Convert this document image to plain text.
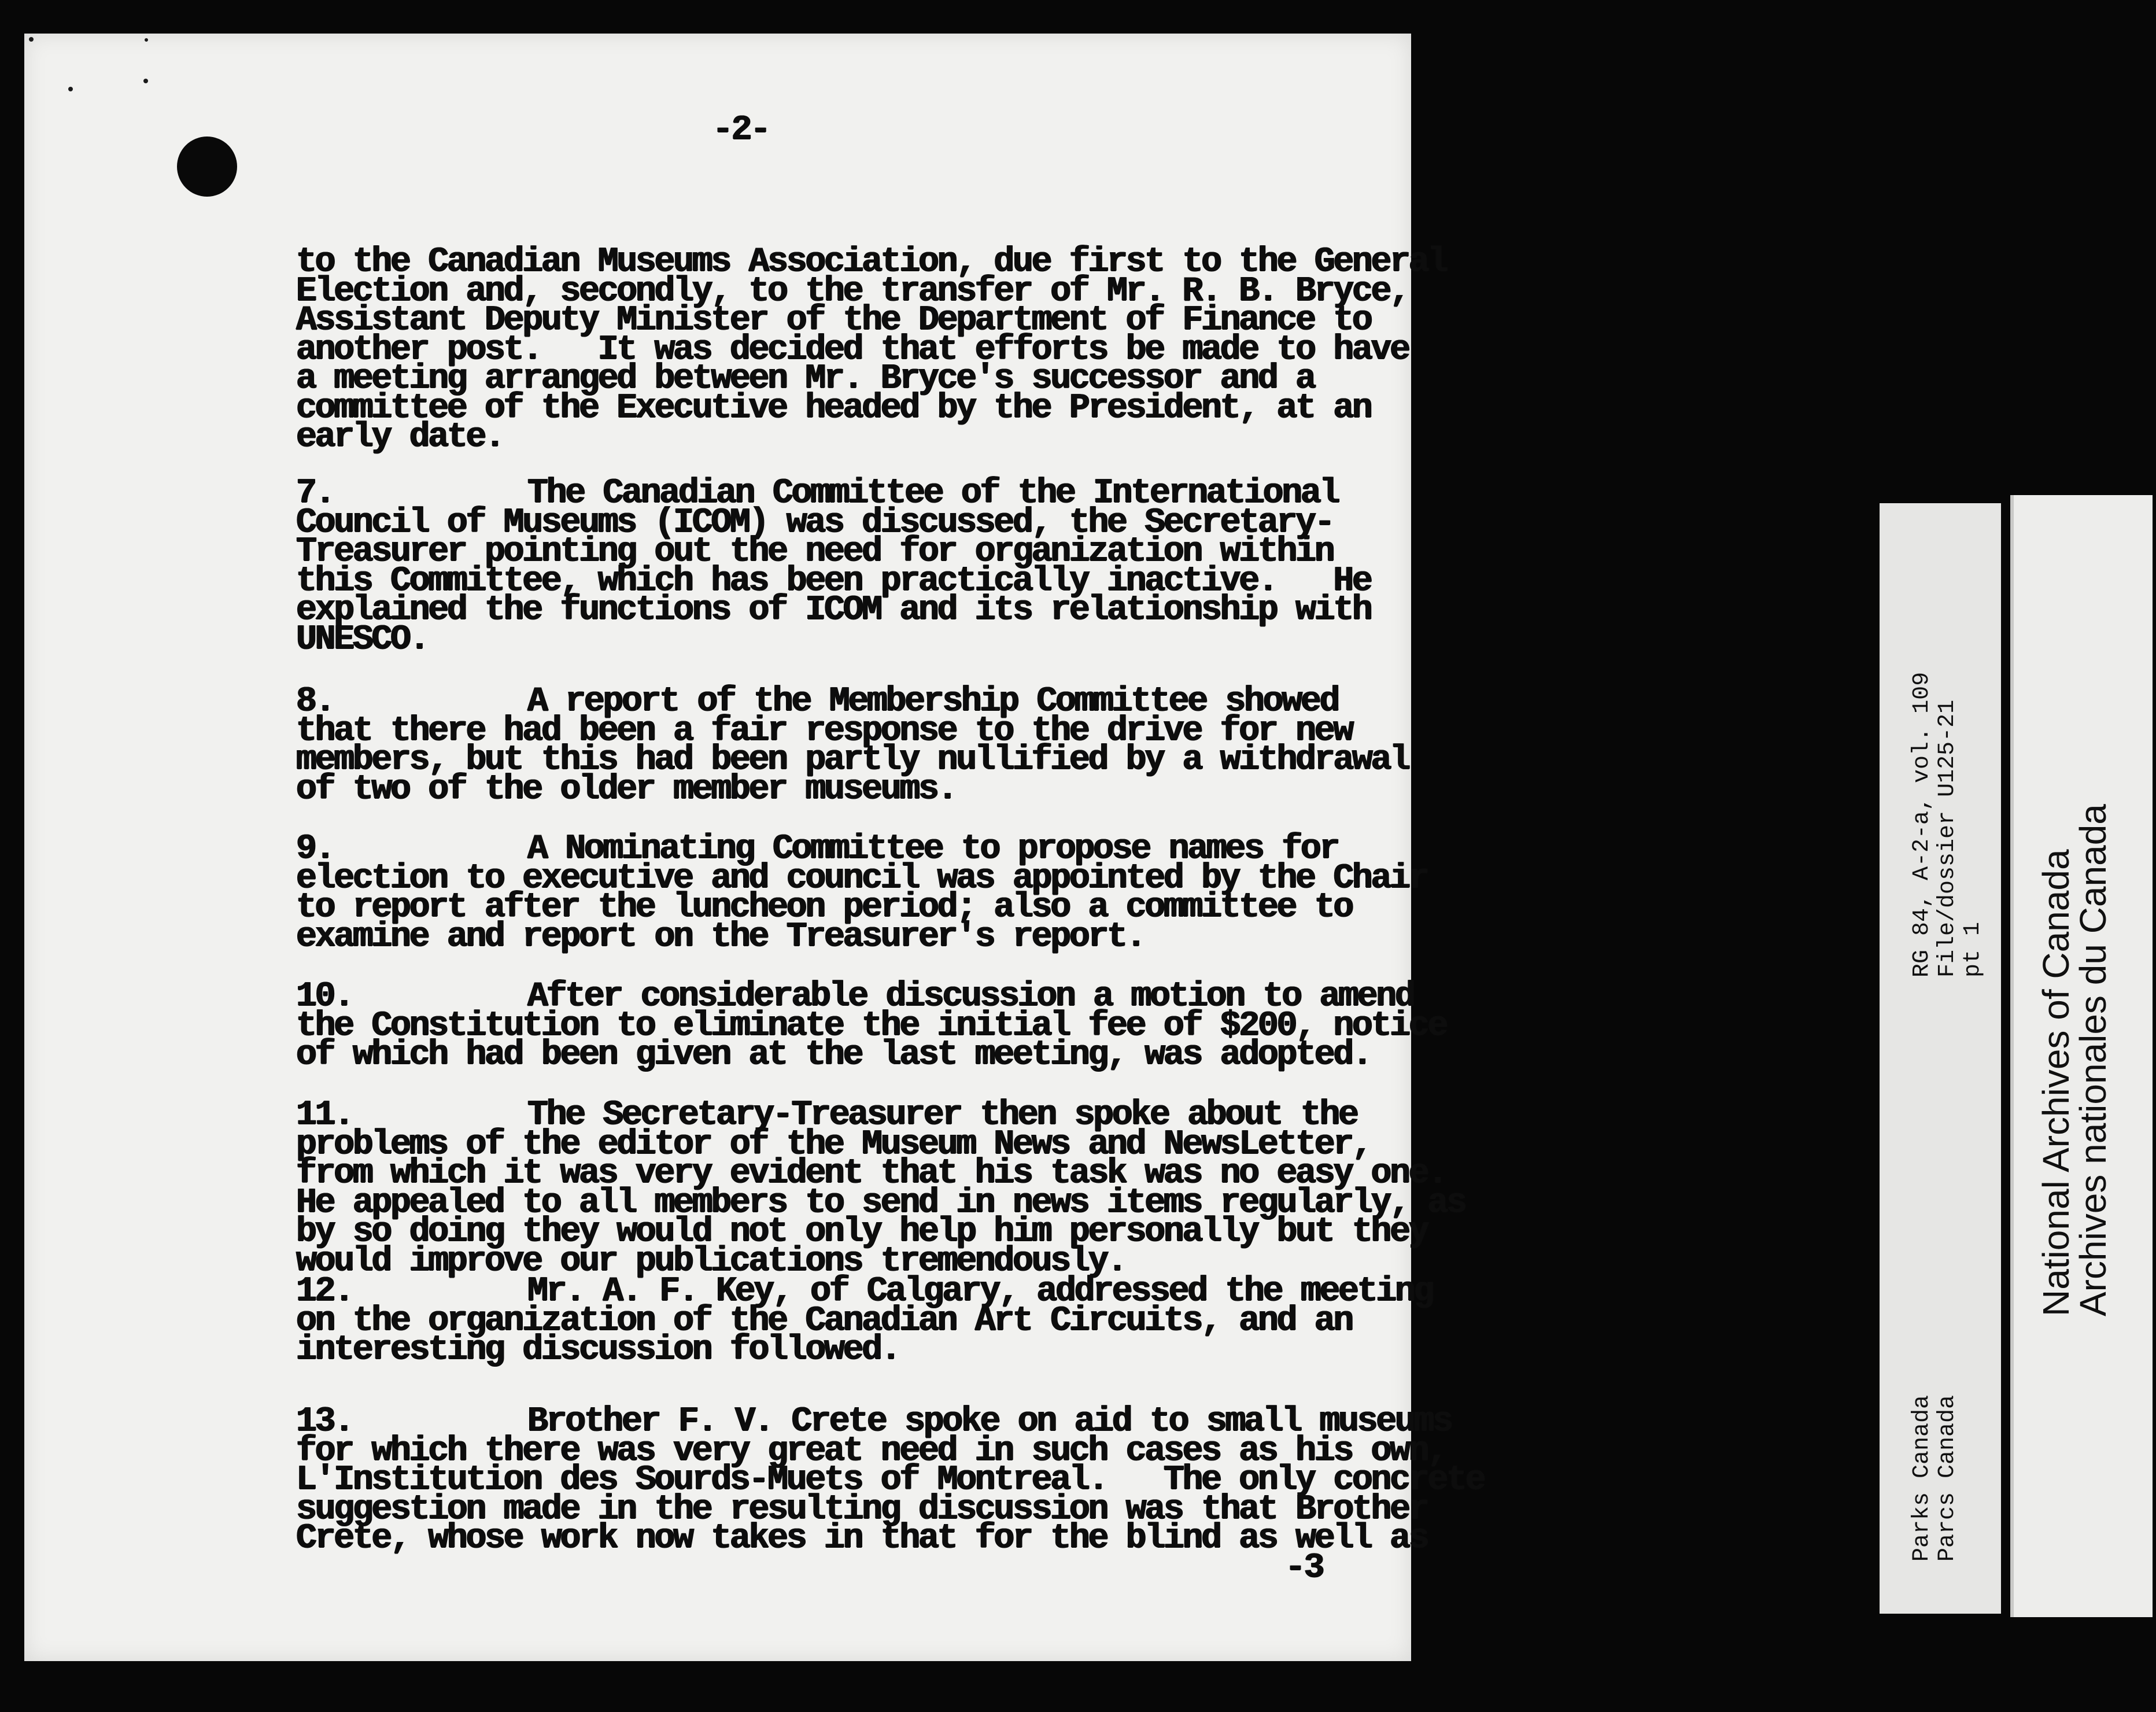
-2-

to the Canadian Museums Association, due first to the General
Election and, secondly, to the transfer of Mr. R. B. Bryce,
Assistant Deputy Minister of the Department of Finance to
another post.   It was decided that efforts be made to have
a meeting arranged between Mr. Bryce's successor and a
committee of the Executive headed by the President, at an
early date.

7.	The Canadian Committee of the International
Council of Museums (ICOM) was discussed, the Secretary-
Treasurer pointing out the need for organization within
this Committee, which has been practically inactive.   He
explained the functions of ICOM and its relationship with
UNESCO.
8.	A report of the Membership Committee showed
that there had been a fair response to the drive for new
members, but this had been partly nullified by a withdrawal
of two of the older member museums.
9.	A Nominating Committee to propose names for
election to executive and council was appointed by the Chair
to report after the luncheon period; also a committee to
examine and report on the Treasurer's report.
10.	After considerable discussion a motion to amend
the Constitution to eliminate the initial fee of $200, notice
of which had been given at the last meeting, was adopted.
11.	The Secretary-Treasurer then spoke about the
problems of the editor of the Museum News and NewsLetter,
from which it was very evident that his task was no easy one.
He appealed to all members to send in news items regularly, as
by so doing they would not only help him personally but they
would improve our publications tremendously.
12.	Mr. A. F. Key, of Calgary, addressed the meeting
on the organization of the Canadian Art Circuits, and an
interesting discussion followed.
13.	Brother F. V. Crete spoke on aid to small museums
for which there was very great need in such cases as his own,
L'Institution des Sourds-Muets of Montreal.   The only concrete
suggestion made in the resulting discussion was that Brother
Crete, whose work now takes in that for the blind as well as

-3
RG 84, A-2-a, vol. 109 File/dossier U125-21 pt 1
Parks Canada Parcs Canada
National Archives of Canada
Archives nationales du Canada
